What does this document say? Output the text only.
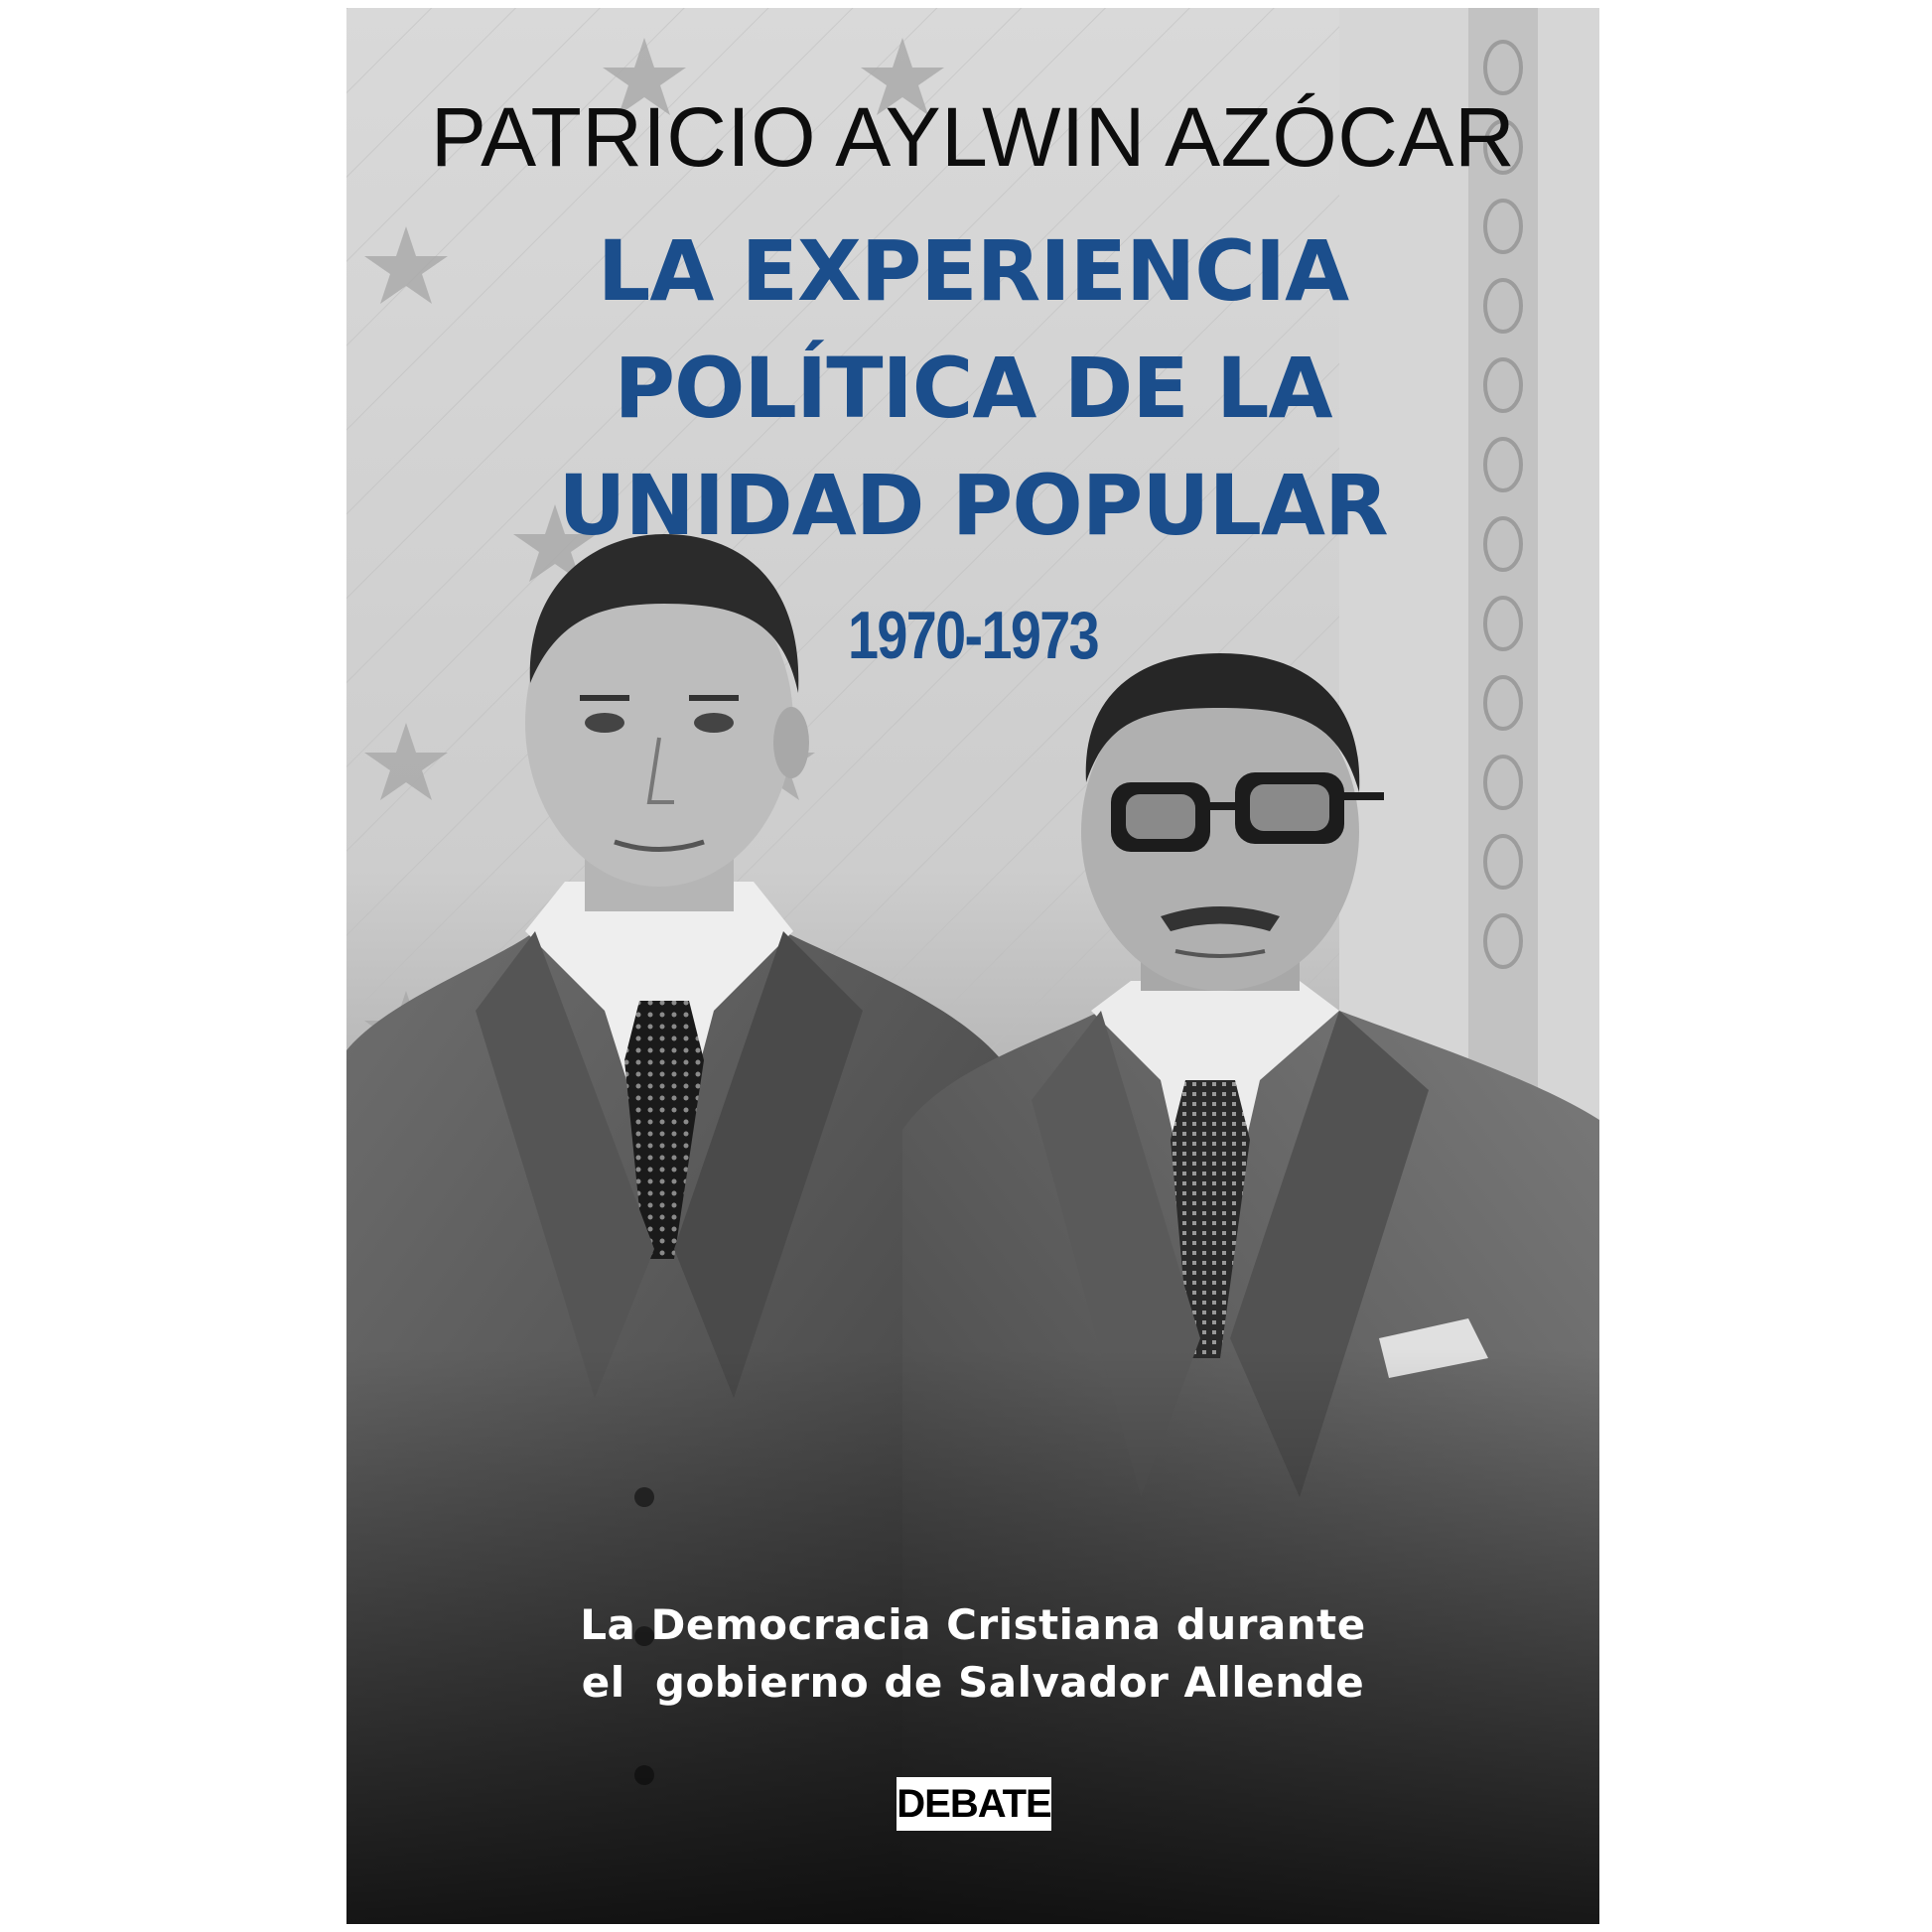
PATRICIO AYLWIN AZÓCAR
LA EXPERIENCIA
POLÍTICA DE LA
UNIDAD POPULAR
1970-1973
La Democracia Cristiana durante
el  gobierno de Salvador Allende
DEBATE
